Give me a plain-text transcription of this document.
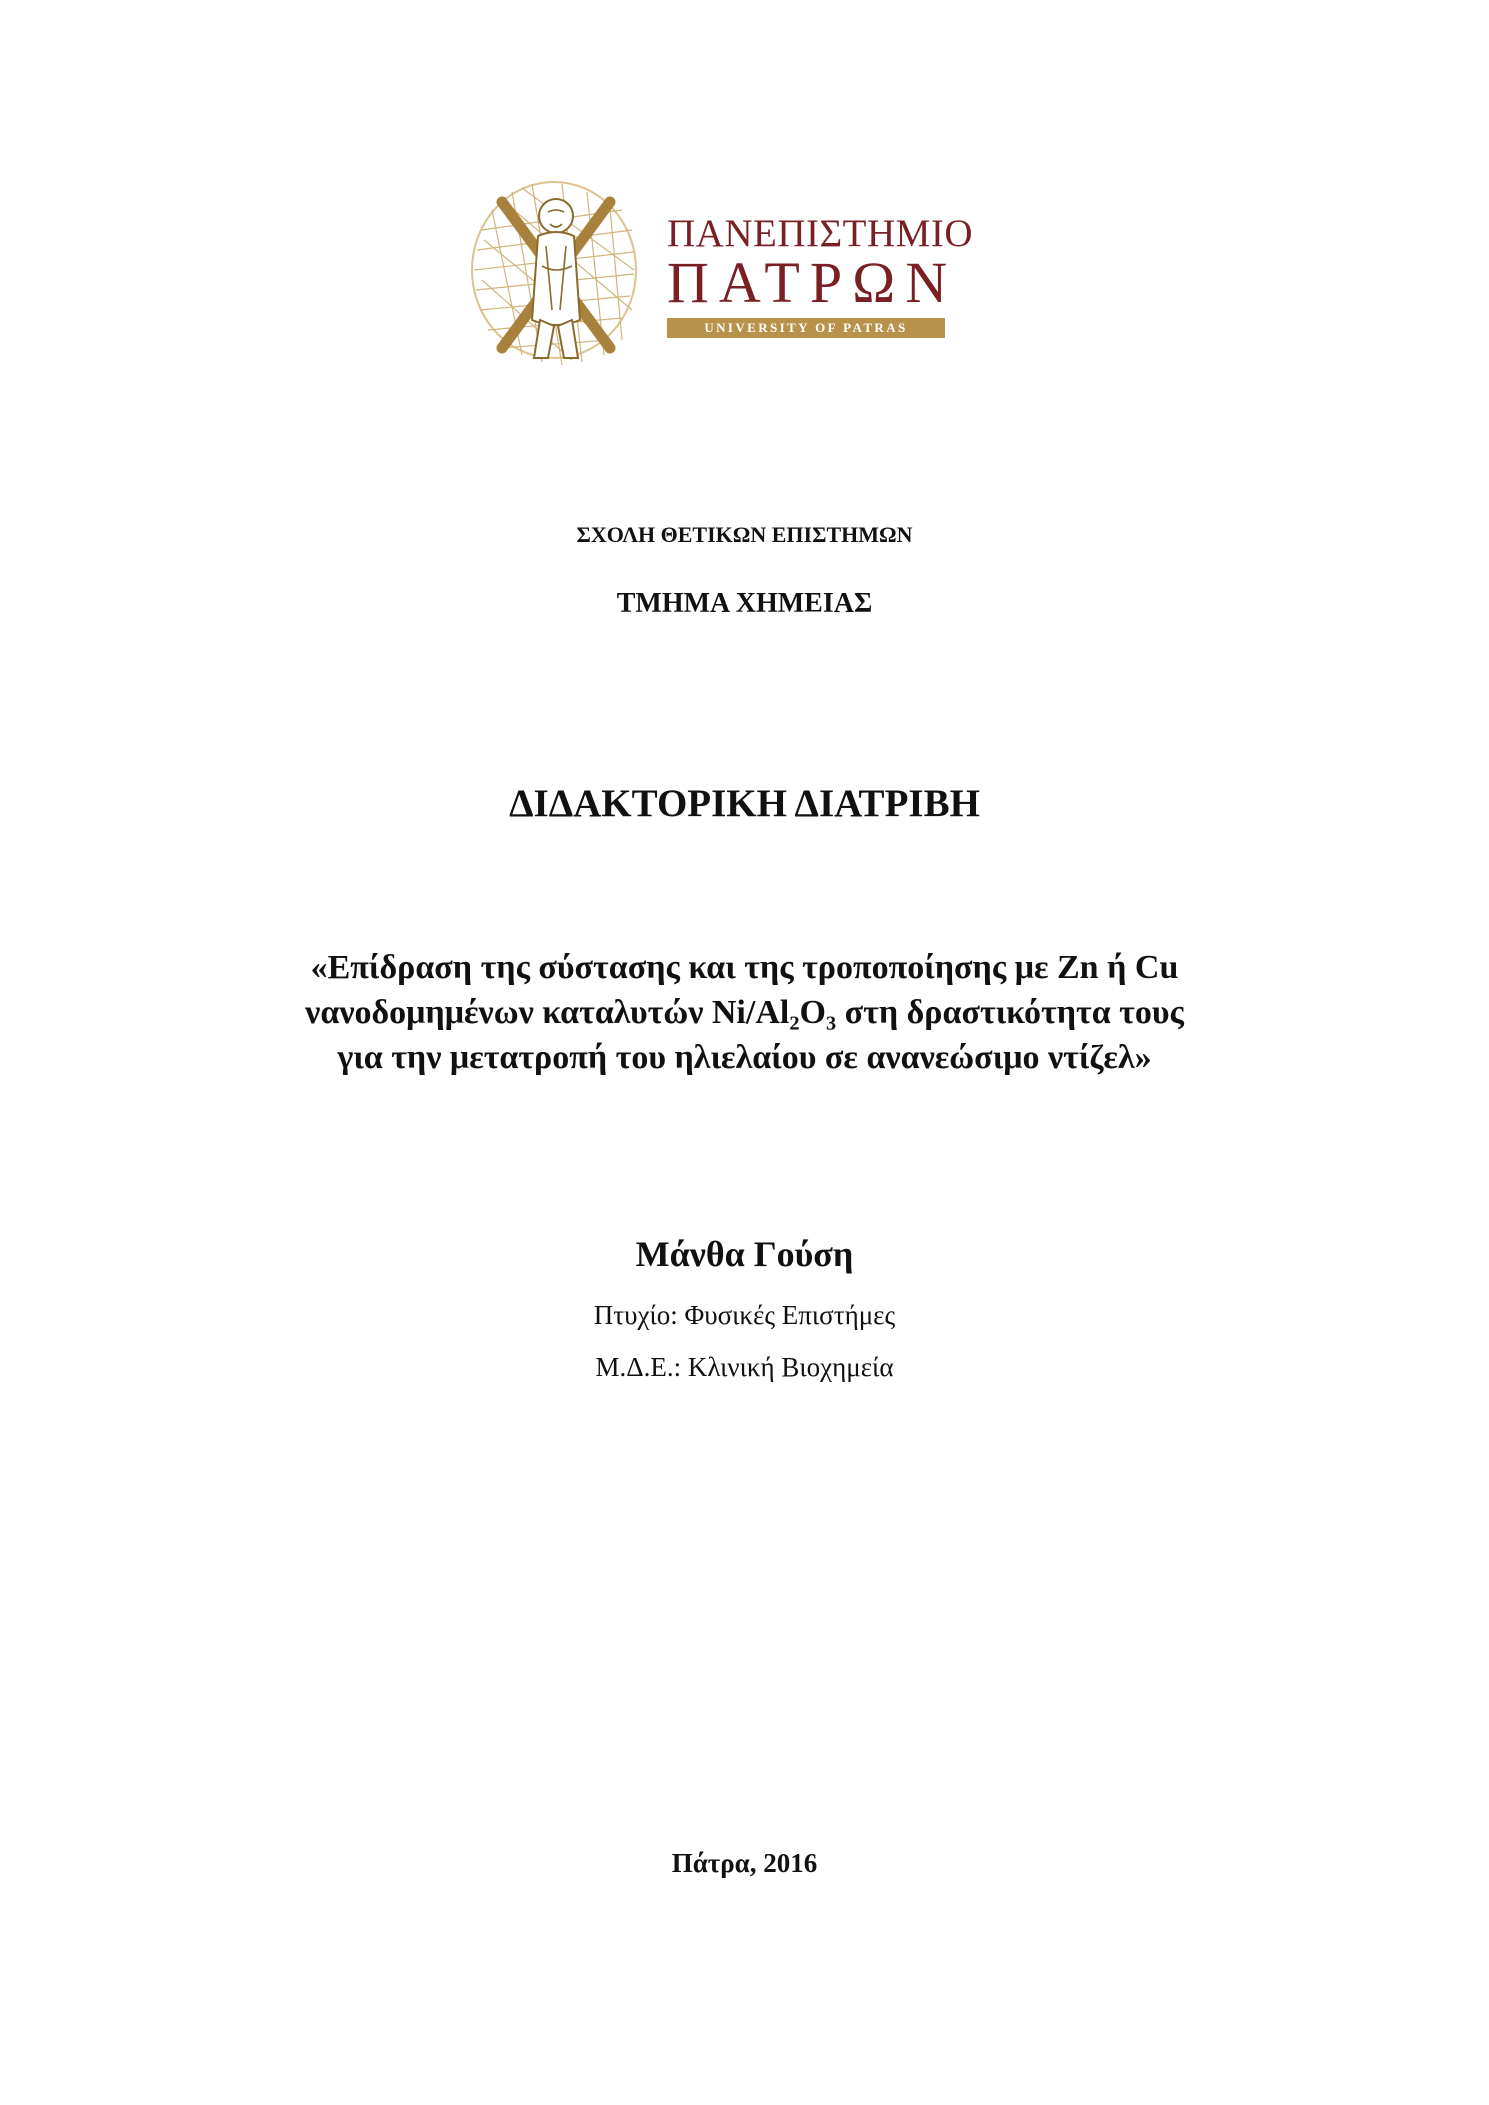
ΠΑΝΕΠΙΣΤΗΜΙΟ
ΠΑΤΡΩΝ
UNIVERSITY OF PATRAS
ΣΧΟΛΗ ΘΕΤΙΚΩΝ ΕΠΙΣΤΗΜΩΝ
ΤΜΗΜΑ ΧΗΜΕΙΑΣ
ΔΙΔΑΚΤΟΡΙΚΗ ΔΙΑΤΡΙΒΗ
«Επίδραση της σύστασης και της τροποποίησης με Zn ή Cu
νανοδομημένων καταλυτών Ni/Al₂O₃ στη δραστικότητα τους
για την μετατροπή του ηλιελαίου σε ανανεώσιμο ντίζελ»
Μάνθα Γούση
Πτυχίο: Φυσικές Επιστήμες
Μ.Δ.Ε.: Κλινική Βιοχημεία
Πάτρα, 2016
